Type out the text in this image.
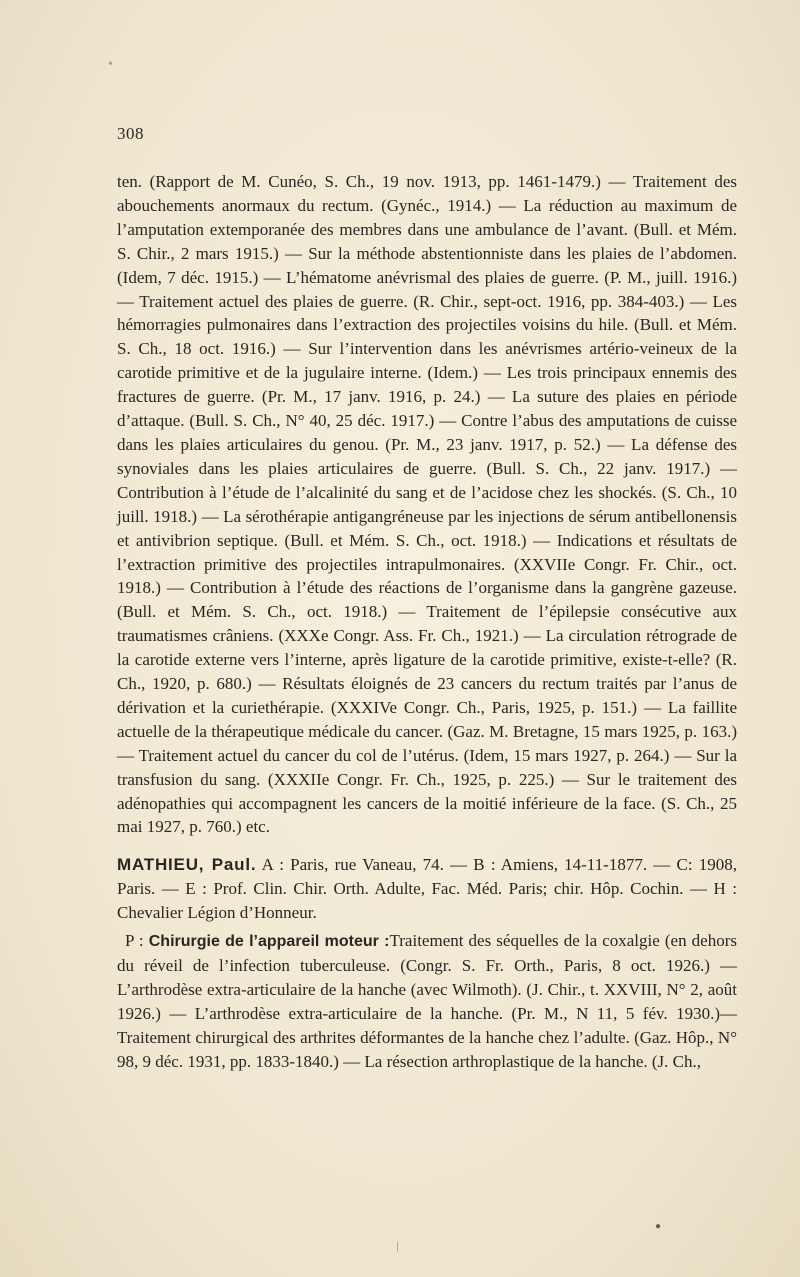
•
308

ten. (Rapport de M. Cunéo, S. Ch., 19 nov. 1913, pp. 1461-1479.) — Traitement des abouchements anormaux du rectum. (Gynéc., 1914.) — La réduction au maximum de l’amputation extemporanée des membres dans une ambulance de l’avant. (Bull. et Mém. S. Chir., 2 mars 1915.) — Sur la méthode abstentionniste dans les plaies de l’abdomen. (Idem, 7 déc. 1915.) — L’hématome anévrismal des plaies de guerre. (P. M., juill. 1916.) — Traitement actuel des plaies de guerre. (R. Chir., sept-oct. 1916, pp. 384-403.) — Les hémorragies pulmonaires dans l’extraction des projectiles voisins du hile. (Bull. et Mém. S. Ch., 18 oct. 1916.) — Sur l’intervention dans les anévrismes artério-veineux de la carotide primitive et de la jugulaire interne. (Idem.) — Les trois principaux ennemis des fractures de guerre. (Pr. M., 17 janv. 1916, p. 24.) — La suture des plaies en période d’attaque. (Bull. S. Ch., N° 40, 25 déc. 1917.) — Contre l’abus des amputations de cuisse dans les plaies articulaires du genou. (Pr. M., 23 janv. 1917, p. 52.) — La défense des synoviales dans les plaies articulaires de guerre. (Bull. S. Ch., 22 janv. 1917.) — Contribution à l’étude de l’alcalinité du sang et de l’acidose chez les shockés. (S. Ch., 10 juill. 1918.) — La sérothérapie antigangréneuse par les injections de sérum antibellonensis et antivibrion septique. (Bull. et Mém. S. Ch., oct. 1918.) — Indications et résultats de l’extraction primitive des projectiles intrapulmonaires. (XXVIIe Congr. Fr. Chir., oct. 1918.) — Contribution à l’étude des réactions de l’organisme dans la gangrène gazeuse. (Bull. et Mém. S. Ch., oct. 1918.) — Traitement de l’épilepsie consécutive aux traumatismes crâniens. (XXXe Congr. Ass. Fr. Ch., 1921.) — La circulation rétrograde de la carotide externe vers l’interne, après ligature de la carotide primitive, existe-t-elle? (R. Ch., 1920, p. 680.) — Résultats éloignés de 23 cancers du rectum traités par l’anus de dérivation et la curiethérapie. (XXXIVe Congr. Ch., Paris, 1925, p. 151.) — La faillite actuelle de la thérapeutique médicale du cancer. (Gaz. M. Bretagne, 15 mars 1925, p. 163.) — Traitement actuel du cancer du col de l’utérus. (Idem, 15 mars 1927, p. 264.) — Sur la transfusion du sang. (XXXIIe Congr. Fr. Ch., 1925, p. 225.) — Sur le traitement des adénopathies qui accompagnent les cancers de la moitié inférieure de la face. (S. Ch., 25 mai 1927, p. 760.) etc.

MATHIEU, Paul. A : Paris, rue Vaneau, 74. — B : Amiens, 14-11-1877. — C: 1908, Paris. — E : Prof. Clin. Chir. Orth. Adulte, Fac. Méd. Paris; chir. Hôp. Cochin. — H : Chevalier Légion d’Honneur.

P : Chirurgie de l’appareil moteur :Traitement des séquelles de la coxalgie (en dehors du réveil de l’infection tuberculeuse. (Congr. S. Fr. Orth., Paris, 8 oct. 1926.) — L’arthrodèse extra-articulaire de la hanche (avec Wilmoth). (J. Chir., t. XXVIII, N° 2, août 1926.) — L’arthrodèse extra-articulaire de la hanche. (Pr. M., N 11, 5 fév. 1930.)— Traitement chirurgical des arthrites déformantes de la hanche chez l’adulte. (Gaz. Hôp., N° 98, 9 déc. 1931, pp. 1833-1840.) — La résection arthroplastique de la hanche. (J. Ch.,

●
/
